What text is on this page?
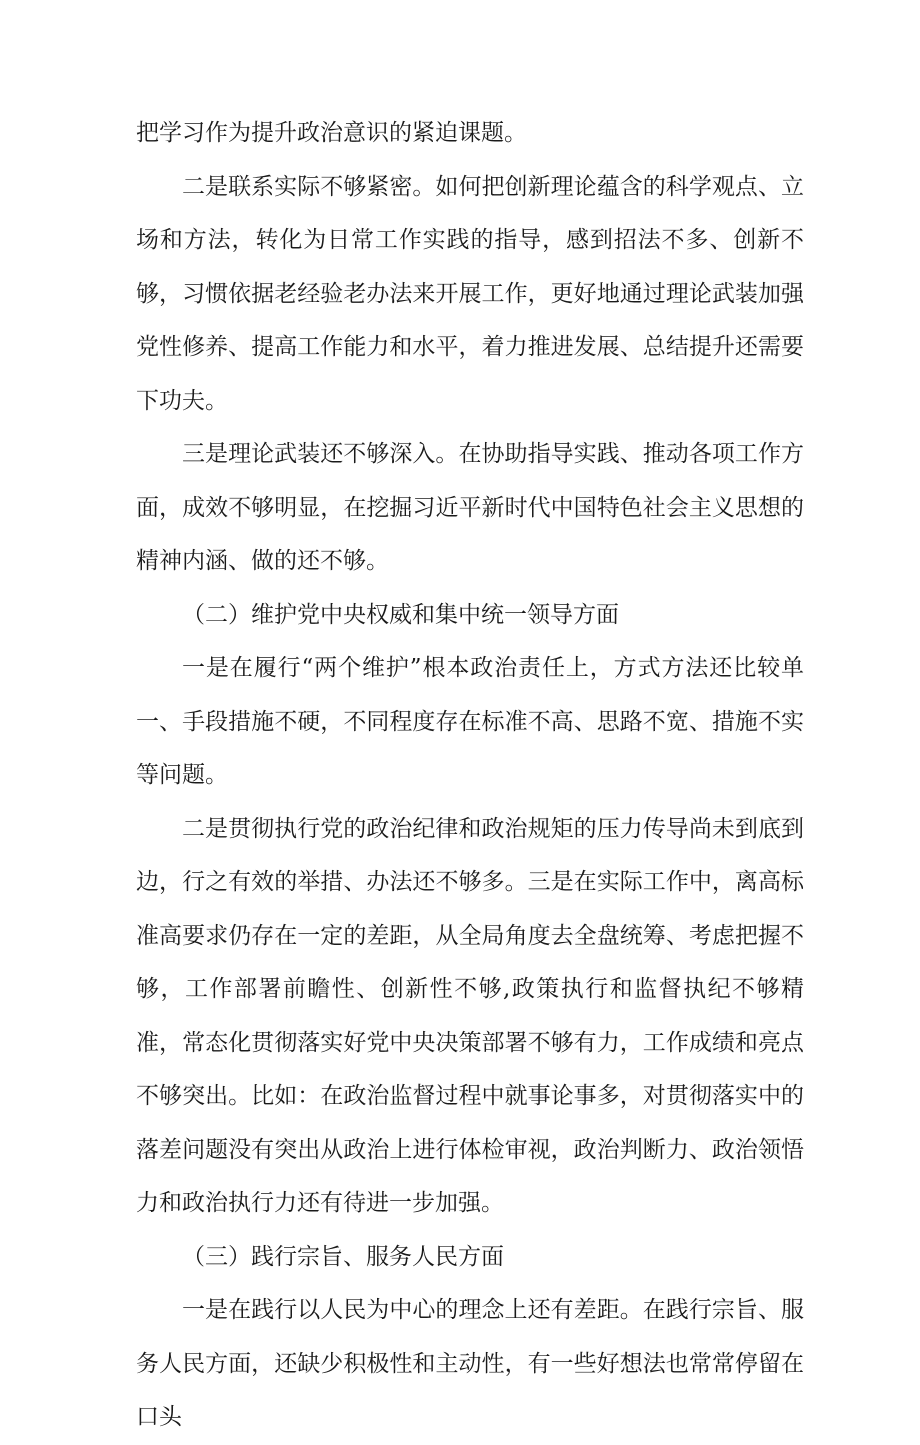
把学习作为提升政治意识的紧迫课题。

二是联系实际不够紧密。如何把创新理论蕴含的科学观点、立场和方法，转化为日常工作实践的指导，感到招法不多、创新不够，习惯依据老经验老办法来开展工作，更好地通过理论武装加强党性修养、提高工作能力和水平，着力推进发展、总结提升还需要下功夫。

三是理论武装还不够深入。在协助指导实践、推动各项工作方面，成效不够明显，在挖掘习近平新时代中国特色社会主义思想的精神内涵、做的还不够。

（二）维护党中央权威和集中统一领导方面

一是在履行“两个维护”根本政治责任上，方式方法还比较单一、手段措施不硬，不同程度存在标准不高、思路不宽、措施不实等问题。

二是贯彻执行党的政治纪律和政治规矩的压力传导尚未到底到边，行之有效的举措、办法还不够多。三是在实际工作中，离高标准高要求仍存在一定的差距，从全局角度去全盘统筹、考虑把握不够，工作部署前瞻性、创新性不够,政策执行和监督执纪不够精准，常态化贯彻落实好党中央决策部署不够有力，工作成绩和亮点不够突出。比如：在政治监督过程中就事论事多，对贯彻落实中的落差问题没有突出从政治上进行体检审视，政治判断力、政治领悟力和政治执行力还有待进一步加强。

（三）践行宗旨、服务人民方面

一是在践行以人民为中心的理念上还有差距。在践行宗旨、服务人民方面，还缺少积极性和主动性，有一些好想法也常常停留在口头
